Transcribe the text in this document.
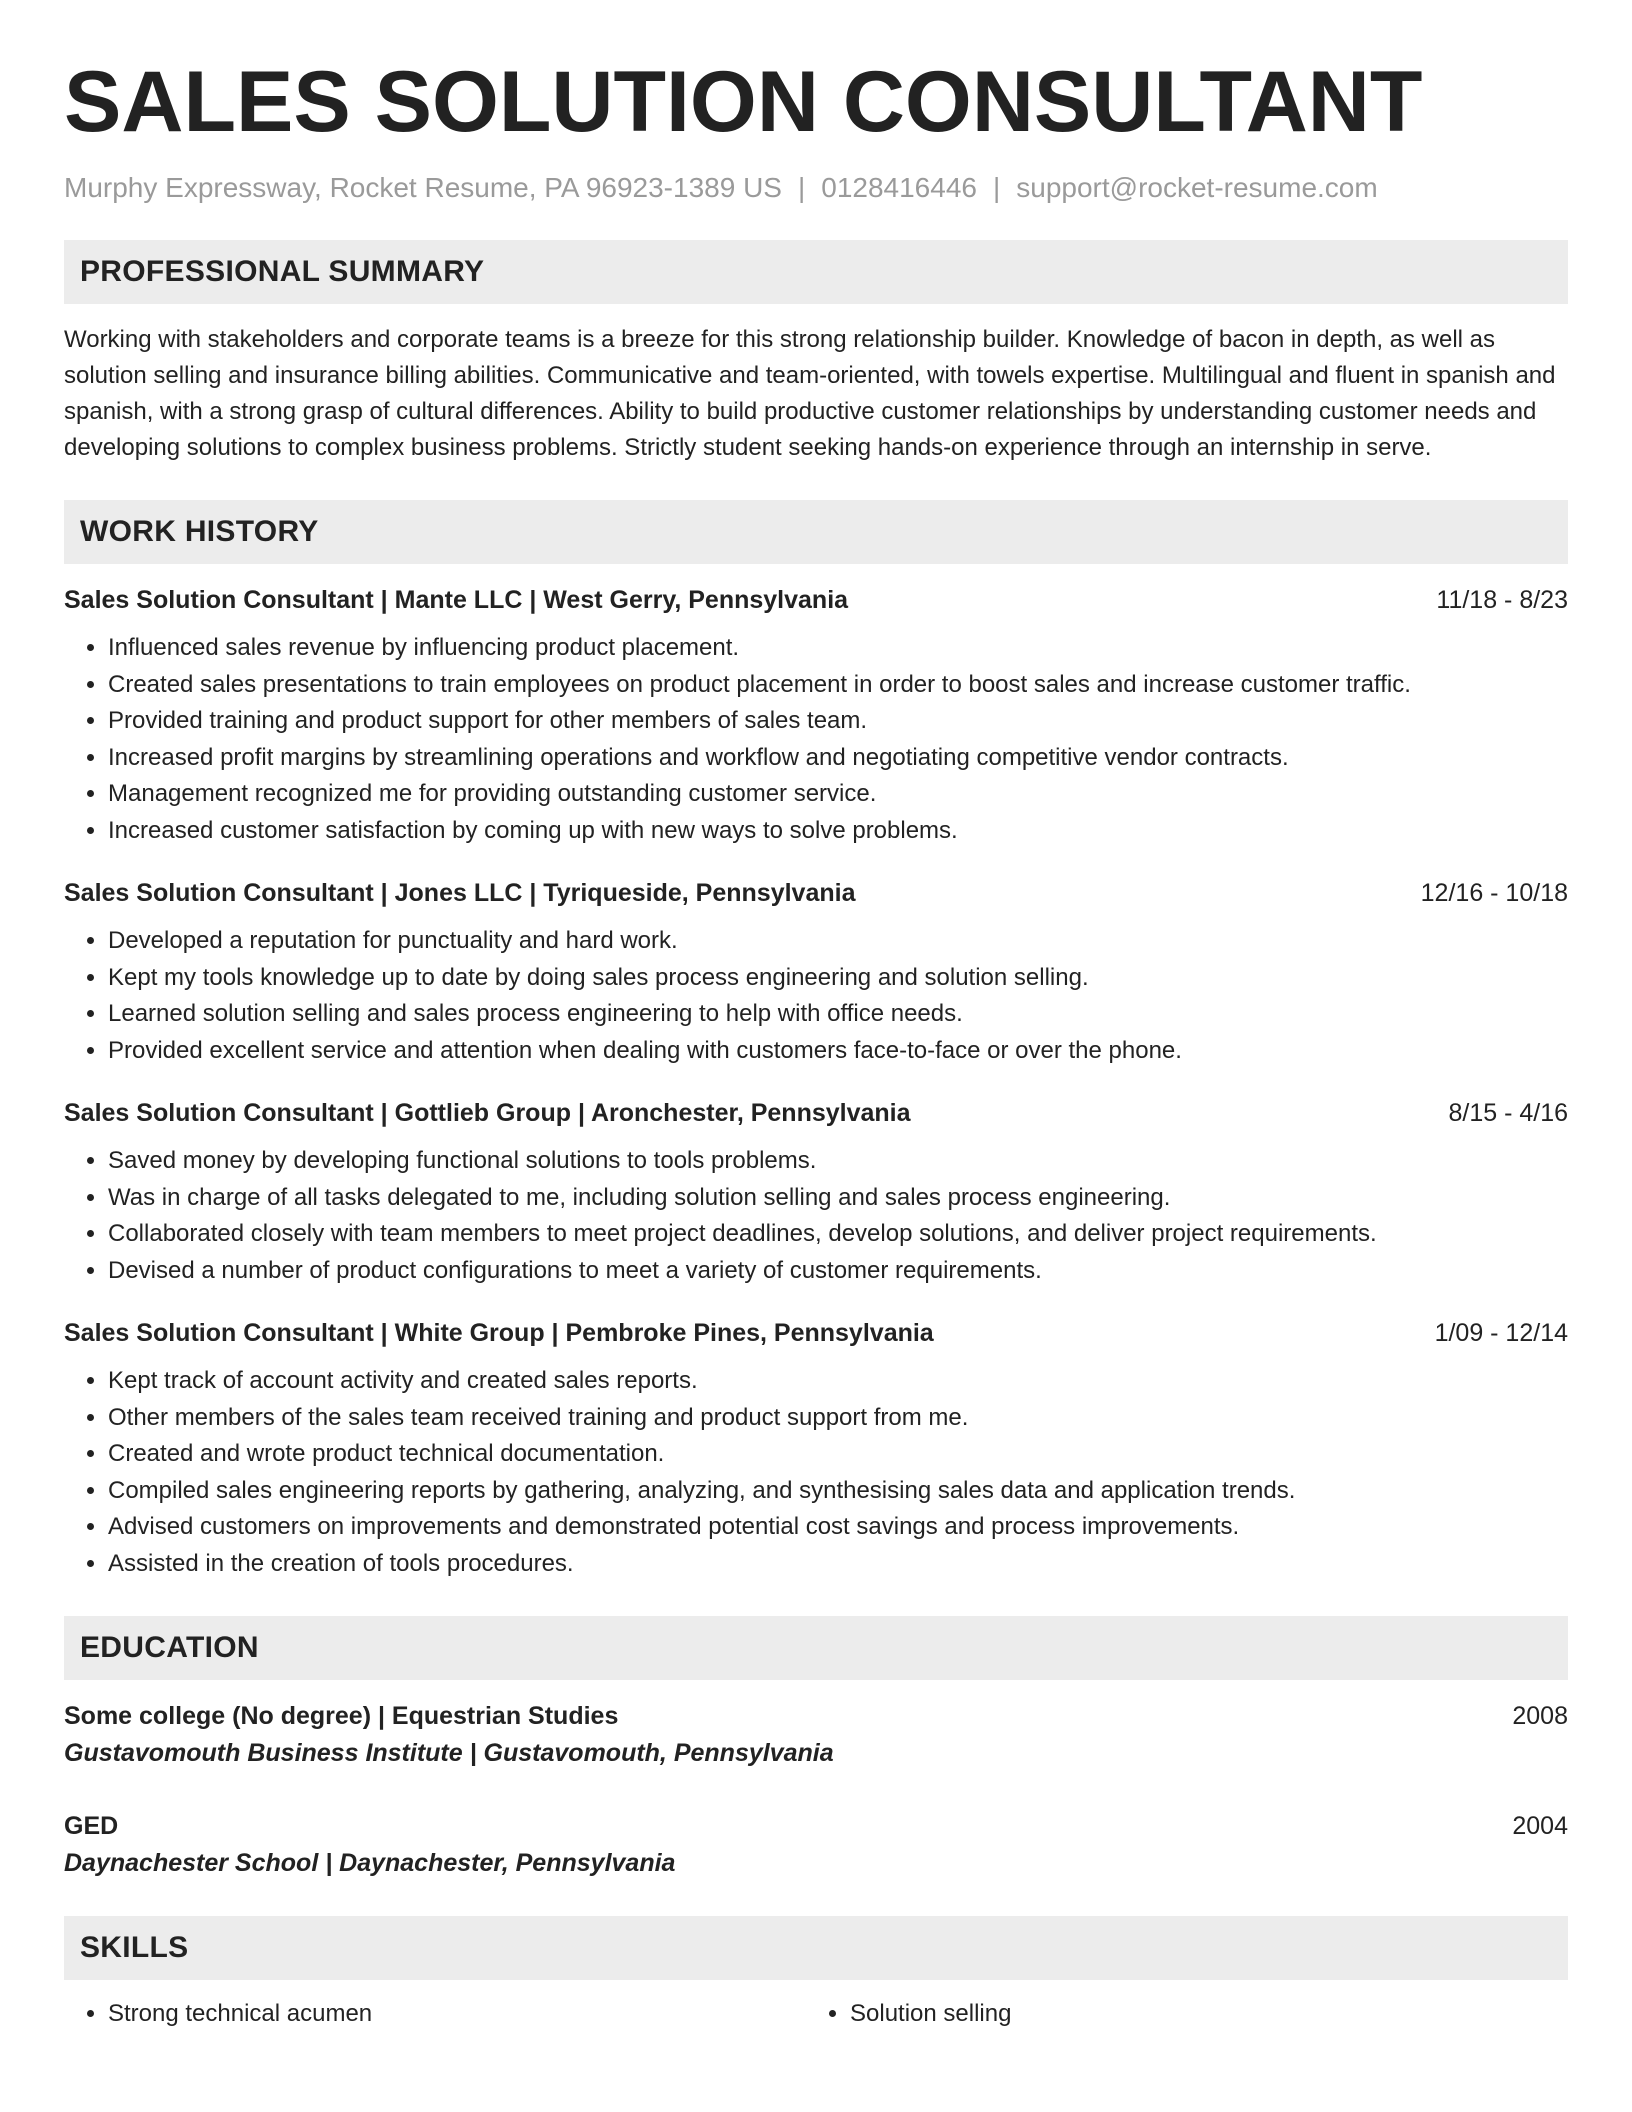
SALES SOLUTION CONSULTANT
Murphy Expressway, Rocket Resume, PA 96923-1389 US | 0128416446 | support@rocket-resume.com
PROFESSIONAL SUMMARY

Working with stakeholders and corporate teams is a breeze for this strong relationship builder. Knowledge of bacon in depth, as well as solution selling and insurance billing abilities. Communicative and team-oriented, with towels expertise. Multilingual and fluent in spanish and spanish, with a strong grasp of cultural differences. Ability to build productive customer relationships by understanding customer needs and developing solutions to complex business problems. Strictly student seeking hands-on experience through an internship in serve.

WORK HISTORY
Sales Solution Consultant | Mante LLC | West Gerry, Pennsylvania	11/18 - 8/23
• Influenced sales revenue by influencing product placement.
• Created sales presentations to train employees on product placement in order to boost sales and increase customer traffic.
• Provided training and product support for other members of sales team.
• Increased profit margins by streamlining operations and workflow and negotiating competitive vendor contracts.
• Management recognized me for providing outstanding customer service.
• Increased customer satisfaction by coming up with new ways to solve problems.
Sales Solution Consultant | Jones LLC | Tyriqueside, Pennsylvania	12/16 - 10/18
• Developed a reputation for punctuality and hard work.
• Kept my tools knowledge up to date by doing sales process engineering and solution selling.
• Learned solution selling and sales process engineering to help with office needs.
• Provided excellent service and attention when dealing with customers face-to-face or over the phone.
Sales Solution Consultant | Gottlieb Group | Aronchester, Pennsylvania	8/15 - 4/16
• Saved money by developing functional solutions to tools problems.
• Was in charge of all tasks delegated to me, including solution selling and sales process engineering.
• Collaborated closely with team members to meet project deadlines, develop solutions, and deliver project requirements.
• Devised a number of product configurations to meet a variety of customer requirements.
Sales Solution Consultant | White Group | Pembroke Pines, Pennsylvania	1/09 - 12/14
• Kept track of account activity and created sales reports.
• Other members of the sales team received training and product support from me.
• Created and wrote product technical documentation.
• Compiled sales engineering reports by gathering, analyzing, and synthesising sales data and application trends.
• Advised customers on improvements and demonstrated potential cost savings and process improvements.
• Assisted in the creation of tools procedures.
EDUCATION
Some college (No degree) | Equestrian Studies	2008
Gustavomouth Business Institute | Gustavomouth, Pennsylvania
GED	2004
Daynachester School | Daynachester, Pennsylvania
SKILLS
• Strong technical acumen
•	Solution selling
